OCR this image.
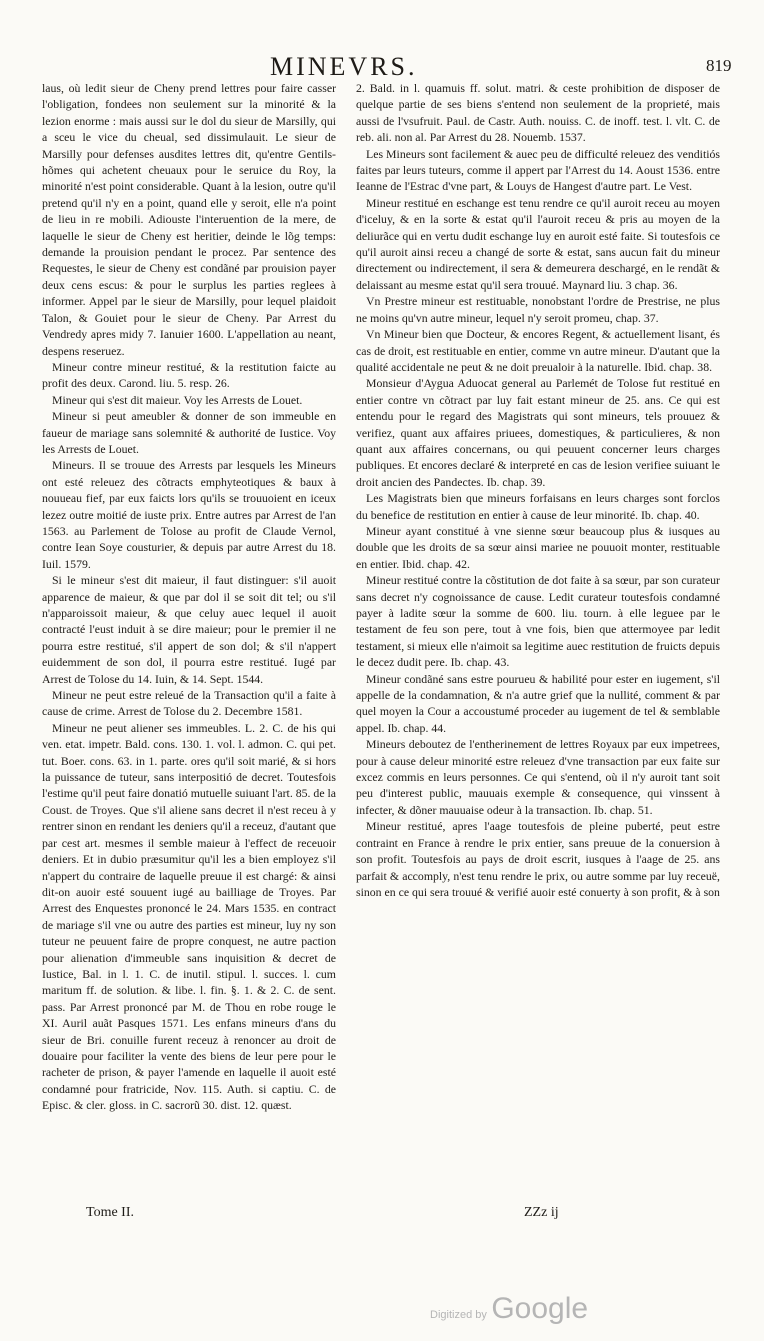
MINEVRS.	819

laus, où ledit sieur de Cheny prend lettres pour faire casser l'obligation, fondees non seulement sur la minorité & la lezion enorme : mais aussi sur le dol du sieur de Marsilly, qui a sceu le vice du cheual, sed dissimulauit. Le sieur de Marsilly pour defenses ausdites lettres dit, qu'entre Gentils-hõmes qui achetent cheuaux pour le seruice du Roy, la minorité n'est point considerable. Quant à la lesion, outre qu'il pretend qu'il n'y en a point, quand elle y seroit, elle n'a point de lieu in re mobili. Adiouste l'interuention de la mere, de laquelle le sieur de Cheny est heritier, deinde le lõg temps: demande la prouision pendant le procez. Par sentence des Requestes, le sieur de Cheny est condãné par prouision payer deux cens escus: & pour le surplus les parties reglees à informer. Appel par le sieur de Marsilly, pour lequel plaidoit Talon, & Gouiet pour le sieur de Cheny. Par Arrest du Vendredy apres midy 7. Ianuier 1600. L'appellation au neant, despens reseruez.

Mineur contre mineur restitué, & la restitution faicte au profit des deux. Carond. liu. 5. resp. 26.

Mineur qui s'est dit maieur. Voy les Arrests de Louet.

Mineur si peut ameubler & donner de son immeuble en faueur de mariage sans solemnité & authorité de Iustice. Voy les Arrests de Louet.

Mineurs. Il se trouue des Arrests par lesquels les Mineurs ont esté releuez des cõtracts emphyteotiques & baux à nouueau fief, par eux faicts lors qu'ils se trouuoient en iceux lezez outre moitié de iuste prix. Entre autres par Arrest de l'an 1563. au Parlement de Tolose au profit de Claude Vernol, contre Iean Soye cousturier, & depuis par autre Arrest du 18. Iuil. 1579.

Si le mineur s'est dit maieur, il faut distinguer: s'il auoit apparence de maieur, & que par dol il se soit dit tel; ou s'il n'apparoissoit maieur, & que celuy auec lequel il auoit contracté l'eust induit à se dire maieur; pour le premier il ne pourra estre restitué, s'il appert de son dol; & s'il n'appert euidemment de son dol, il pourra estre restitué. Iugé par Arrest de Tolose du 14. Iuin, & 14. Sept. 1544.

Mineur ne peut estre releué de la Transaction qu'il a faite à cause de crime. Arrest de Tolose du 2. Decembre 1581.

Mineur ne peut aliener ses immeubles. L. 2. C. de his qui ven. etat. impetr. Bald. cons. 130. 1. vol. l. admon. C. qui pet. tut. Boer. cons. 63. in 1. parte. ores qu'il soit marié, & si hors la puissance de tuteur, sans interpositió de decret. Toutesfois l'estime qu'il peut faire donatió mutuelle suiuant l'art. 85. de la Coust. de Troyes. Que s'il aliene sans decret il n'est receu à y rentrer sinon en rendant les deniers qu'il a receuz, d'autant que par cest art. mesmes il semble maieur à l'effect de receuoir deniers. Et in dubio præsumitur qu'il les a bien employez s'il n'appert du contraire de laquelle preuue il est chargé: & ainsi dit-on auoir esté souuent iugé au bailliage de Troyes. Par Arrest des Enquestes prononcé le 24. Mars 1535. en contract de mariage s'il vne ou autre des parties est mineur, luy ny son tuteur ne peuuent faire de propre conquest, ne autre paction pour alienation d'immeuble sans inquisition & decret de Iustice, Bal. in l. 1. C. de inutil. stipul. l. succes. l. cum maritum ff. de solution. & libe. l. fin. §. 1. & 2. C. de sent. pass. Par Arrest prononcé par M. de Thou en robe rouge le XI. Auril auãt Pasques 1571. Les enfans mineurs d'ans du sieur de Bri. conuille furent receuz à renoncer au droit de douaire pour faciliter la vente des biens de leur pere pour le racheter de prison, & payer l'amende en laquelle il auoit esté condamné pour fratricide, Nov. 115. Auth. si captiu. C. de Episc. & cler. gloss. in C. sacrorũ 30. dist. 12. quæst.

2. Bald. in l. quamuis ff. solut. matri. & ceste prohibition de disposer de quelque partie de ses biens s'entend non seulement de la proprieté, mais aussi de l'vsufruit. Paul. de Castr. Auth. nouiss. C. de inoff. test. l. vlt. C. de reb. ali. non al. Par Arrest du 28. Nouemb. 1537.

Les Mineurs sont facilement & auec peu de difficulté releuez des venditiós faites par leurs tuteurs, comme il appert par l'Arrest du 14. Aoust 1536. entre Ieanne de l'Estrac d'vne part, & Louys de Hangest d'autre part. Le Vest.

Mineur restitué en eschange est tenu rendre ce qu'il auroit receu au moyen d'iceluy, & en la sorte & estat qu'il l'auroit receu & pris au moyen de la deliurãce qui en vertu dudit eschange luy en auroit esté faite. Si toutesfois ce qu'il auroit ainsi receu a changé de sorte & estat, sans aucun fait du mineur directement ou indirectement, il sera & demeurera deschargé, en le rendãt & delaissant au mesme estat qu'il sera trouué. Maynard liu. 3 chap. 36.

Vn Prestre mineur est restituable, nonobstant l'ordre de Prestrise, ne plus ne moins qu'vn autre mineur, lequel n'y seroit promeu, chap. 37.

Vn Mineur bien que Docteur, & encores Regent, & actuellement lisant, és cas de droit, est restituable en entier, comme vn autre mineur. D'autant que la qualité accidentale ne peut & ne doit preualoir à la naturelle. Ibid. chap. 38.

Monsieur d'Aygua Aduocat general au Parlemét de Tolose fut restitué en entier contre vn cõtract par luy fait estant mineur de 25. ans. Ce qui est entendu pour le regard des Magistrats qui sont mineurs, tels prouuez & verifiez, quant aux affaires priuees, domestiques, & particulieres, & non quant aux affaires concernans, ou qui peuuent concerner leurs charges publiques. Et encores declaré & interpreté en cas de lesion verifiee suiuant le droit ancien des Pandectes. Ib. chap. 39.

Les Magistrats bien que mineurs forfaisans en leurs charges sont forclos du benefice de restitution en entier à cause de leur minorité. Ib. chap. 40.

Mineur ayant constitué à vne sienne sœur beaucoup plus & iusques au double que les droits de sa sœur ainsi mariee ne pouuoit monter, restituable en entier. Ibid. chap. 42.

Mineur restitué contre la cõstitution de dot faite à sa sœur, par son curateur sans decret n'y cognoissance de cause. Ledit curateur toutesfois condamné payer à ladite sœur la somme de 600. liu. tourn. à elle leguee par le testament de feu son pere, tout à vne fois, bien que attermoyee par ledit testament, si mieux elle n'aimoit sa legitime auec restitution de fruicts depuis le decez dudit pere. Ib. chap. 43.

Mineur condãné sans estre pourueu & habilité pour ester en iugement, s'il appelle de la condamnation, & n'a autre grief que la nullité, comment & par quel moyen la Cour a accoustumé proceder au iugement de tel & semblable appel. Ib. chap. 44.

Mineurs deboutez de l'entherinement de lettres Royaux par eux impetrees, pour à cause deleur minorité estre releuez d'vne transaction par eux faite sur excez commis en leurs personnes. Ce qui s'entend, où il n'y auroit tant soit peu d'interest public, mauuais exemple & consequence, qui vinssent à infecter, & dõner mauuaise odeur à la transaction. Ib. chap. 51.

Mineur restitué, apres l'aage toutesfois de pleine puberté, peut estre contraint en France à rendre le prix entier, sans preuue de la conuersion à son profit. Toutesfois au pays de droit escrit, iusques à l'aage de 25. ans parfait & accomply, n'est tenu rendre le prix, ou autre somme par luy receuë, sinon en ce qui sera trouué & verifié auoir esté conuerty à son profit, & à son

Tome II.	ZZz ij
Digitized by Google
